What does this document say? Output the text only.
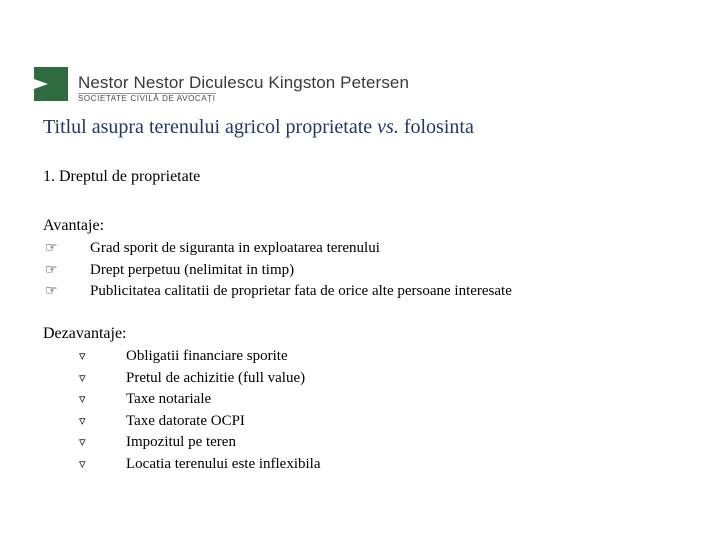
Nestor Nestor Diculescu Kingston Petersen
SOCIETATE CIVILĂ DE AVOCAȚI
Titlul asupra terenului agricol proprietate vs. folosinta
1. Dreptul de proprietate
Avantaje:
☞ Grad sporit de siguranta in exploatarea terenului
☞ Drept perpetuu (nelimitat in timp)
☞ Publicitatea calitatii de proprietar fata de orice alte persoane interesate
Dezavantaje:
▿	Obligatii financiare sporite
▿	Pretul de achizitie (full value)
▿	Taxe notariale
▿	Taxe datorate OCPI
▿	Impozitul pe teren
▿	Locatia terenului este inflexibila
